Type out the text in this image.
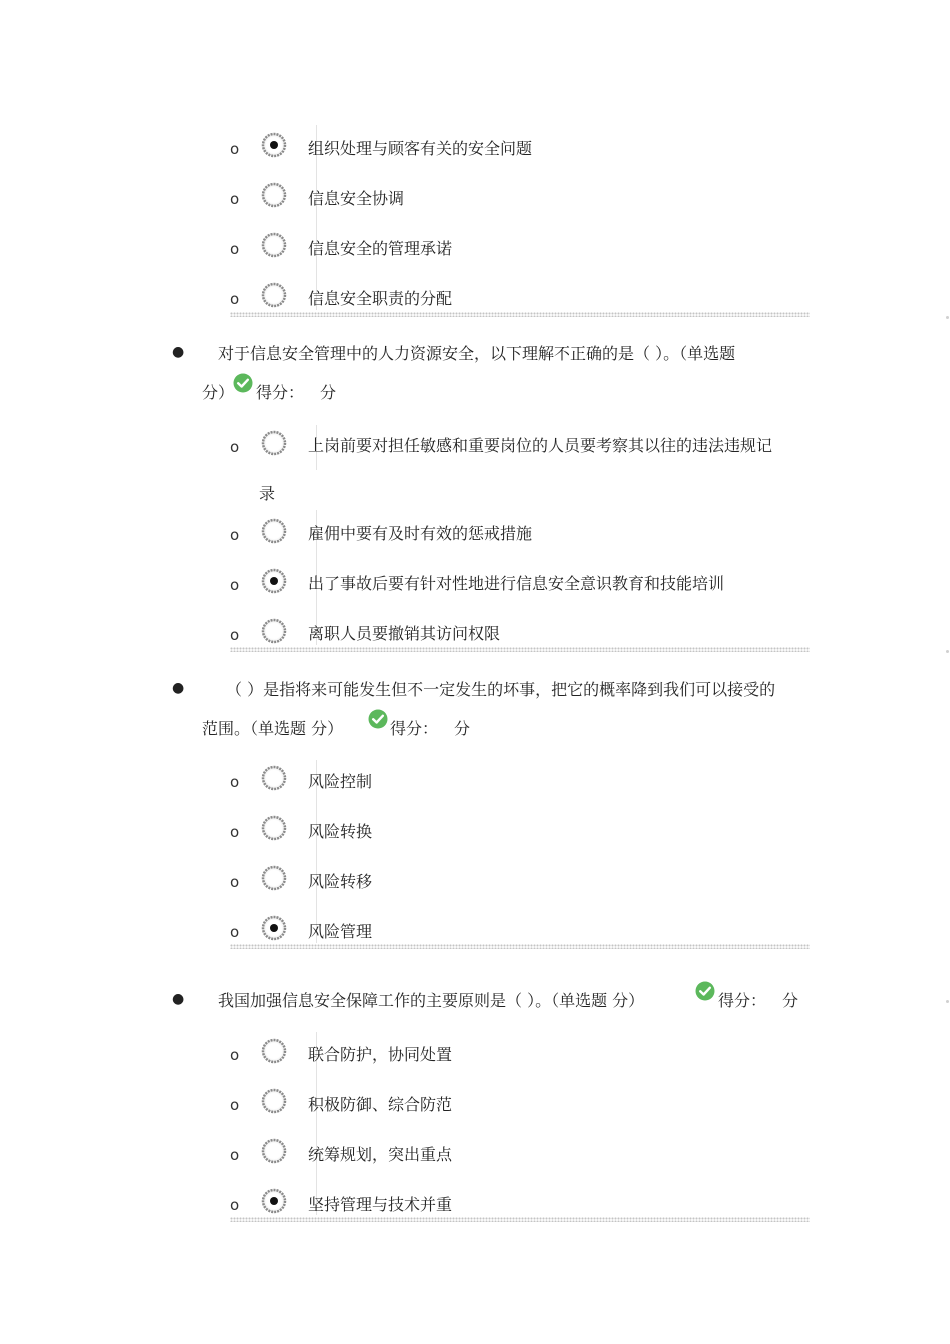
o	组织处理与顾客有关的安全问题
o	信息安全协调
o	信息安全的管理承诺
o	信息安全职责的分配
● 对于信息安全管理中的人力资源安全，以下理解不正确的是（ ）。（单选题
分） 得分： 分
o	上岗前要对担任敏感和重要岗位的人员要考察其以往的违法违规记
录
o	雇佣中要有及时有效的惩戒措施
o	出了事故后要有针对性地进行信息安全意识教育和技能培训
o	离职人员要撤销其访问权限
●	（ ）是指将来可能发生但不一定发生的坏事，把它的概率降到我们可以接受的
范围。（单选题 分）	得分： 分
o	风险控制
o	风险转换
o	风险转移
o	风险管理
● 我国加强信息安全保障工作的主要原则是（ ）。（单选题 分）	得分： 分
o	联合防护，协同处置
o	积极防御、综合防范
o	统筹规划，突出重点
o	坚持管理与技术并重
